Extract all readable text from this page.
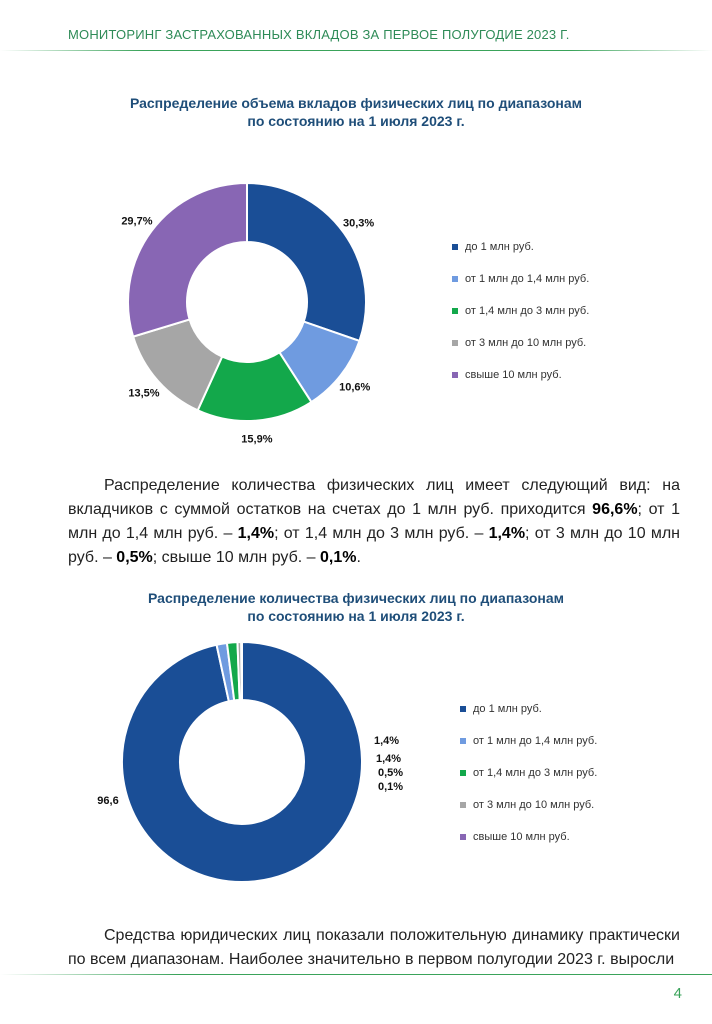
МОНИТОРИНГ ЗАСТРАХОВАННЫХ ВКЛАДОВ ЗА ПЕРВОЕ ПОЛУГОДИЕ 2023 Г.
Распределение объема вкладов физических лиц по диапазонам
по состоянию на 1 июля 2023 г.
30,3%
10,6%
15,9%
13,5%
29,7%
до 1 млн руб.
от 1 млн до 1,4 млн руб.
от 1,4 млн до 3 млн руб.
от 3 млн до 10 млн руб.
свыше 10 млн руб.

Распределение количества физических лиц имеет следующий вид: на вкладчиков с суммой остатков на счетах до 1 млн руб. приходится 96,6%; от 1 млн до 1,4 млн руб. – 1,4%; от 1,4 млн до 3 млн руб. – 1,4%; от 3 млн до 10 млн руб. – 0,5%; свыше 10 млн руб. – 0,1%.

Распределение количества физических лиц по диапазонам
по состоянию на 1 июля 2023 г.
96,6
1,4%
1,4%
0,5%
0,1%
до 1 млн руб.
от 1 млн до 1,4 млн руб.
от 1,4 млн до 3 млн руб.
от 3 млн до 10 млн руб.
свыше 10 млн руб.

Средства юридических лиц показали положительную динамику практически по всем диапазонам. Наиболее значительно в первом полугодии 2023 г. выросли

4
